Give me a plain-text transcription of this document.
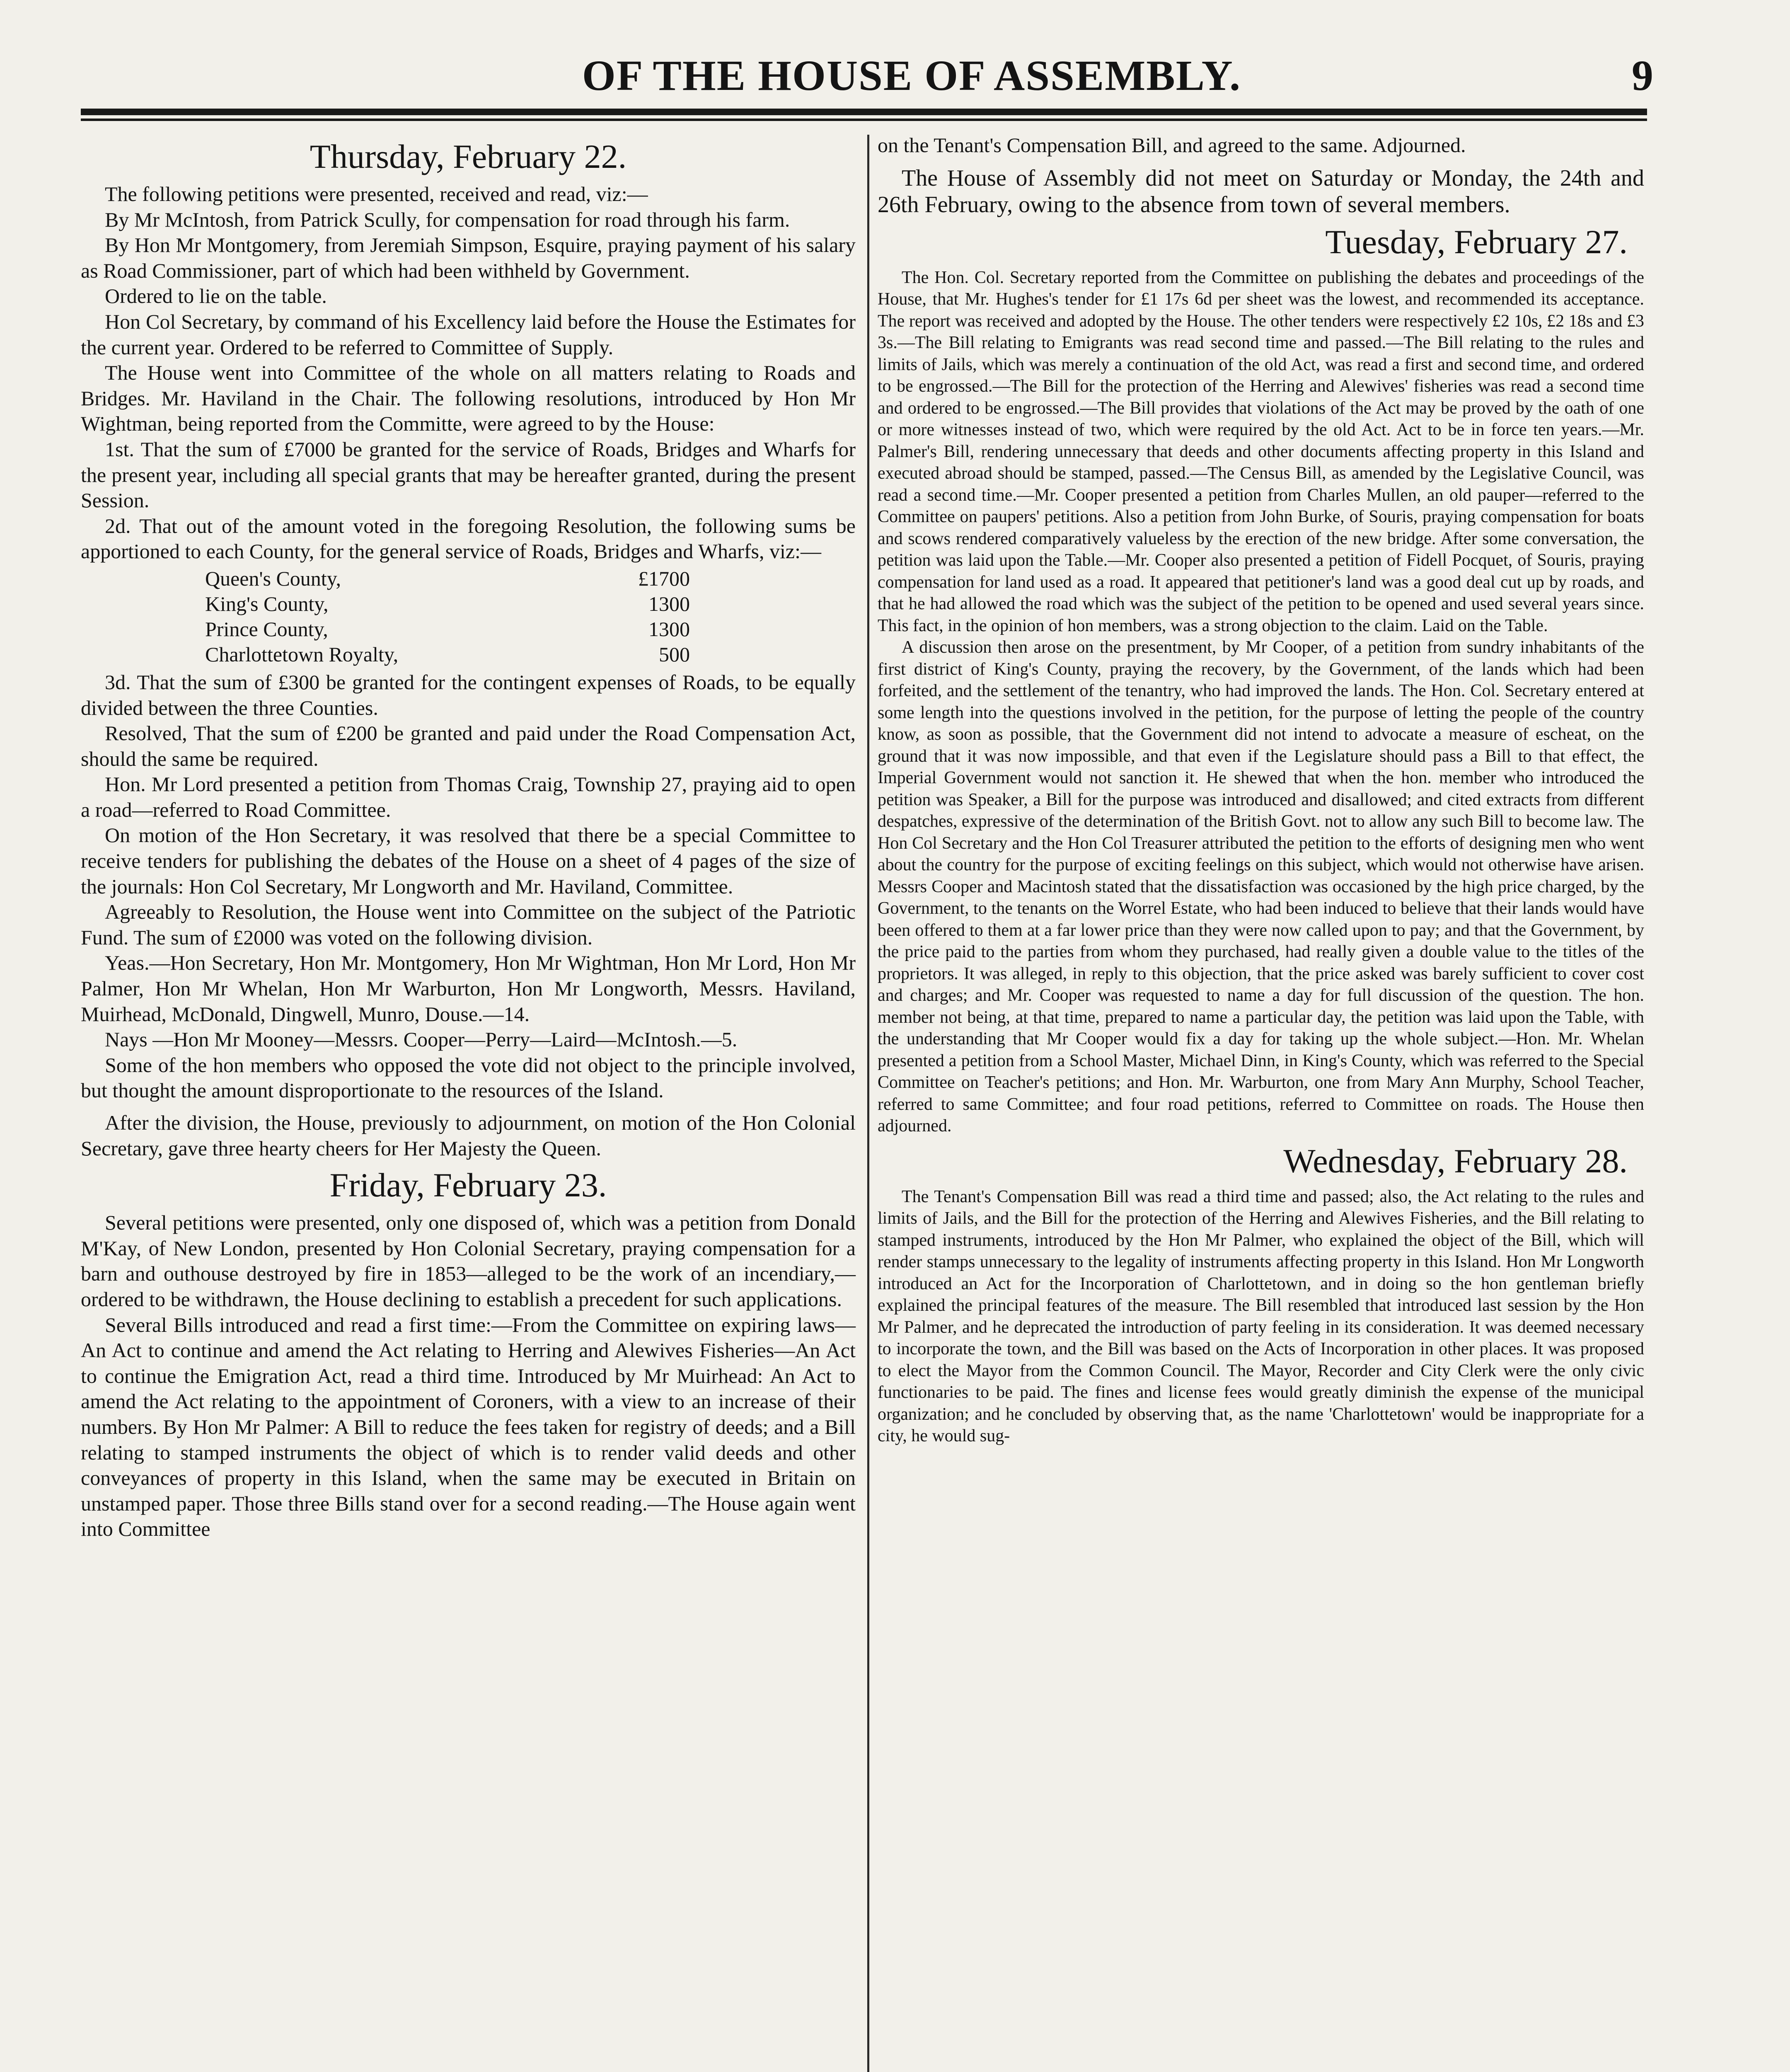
OF THE HOUSE OF ASSEMBLY.	9
Thursday, February 22.

The following petitions were presented, received and read, viz:—

By Mr McIntosh, from Patrick Scully, for compensation for road through his farm.

By Hon Mr Montgomery, from Jeremiah Simpson, Esquire, praying payment of his salary as Road Commissioner, part of which had been withheld by Government.

Ordered to lie on the table.

Hon Col Secretary, by command of his Excellency laid before the House the Estimates for the current year. Ordered to be referred to Committee of Supply.

The House went into Committee of the whole on all matters relating to Roads and Bridges. Mr. Haviland in the Chair. The following resolutions, introduced by Hon Mr Wightman, being reported from the Committe, were agreed to by the House:

1st. That the sum of £7000 be granted for the service of Roads, Bridges and Wharfs for the present year, including all special grants that may be hereafter granted, during the present Session.

2d. That out of the amount voted in the foregoing Resolution, the following sums be apportioned to each County, for the general service of Roads, Bridges and Wharfs, viz:—

Queen's County,	£1700
King's County,	1300
Prince County,	1300
Charlottetown Royalty,	500

3d. That the sum of £300 be granted for the contingent expenses of Roads, to be equally divided between the three Counties.

Resolved, That the sum of £200 be granted and paid under the Road Compensation Act, should the same be required.

Hon. Mr Lord presented a petition from Thomas Craig, Township 27, praying aid to open a road—referred to Road Committee.

On motion of the Hon Secretary, it was resolved that there be a special Committee to receive tenders for publishing the debates of the House on a sheet of 4 pages of the size of the journals: Hon Col Secretary, Mr Longworth and Mr. Haviland, Committee.

Agreeably to Resolution, the House went into Committee on the subject of the Patriotic Fund. The sum of £2000 was voted on the following division.

Yeas.—Hon Secretary, Hon Mr. Montgomery, Hon Mr Wightman, Hon Mr Lord, Hon Mr Palmer, Hon Mr Whelan, Hon Mr Warburton, Hon Mr Longworth, Messrs. Haviland, Muirhead, McDonald, Dingwell, Munro, Douse.—14.

Nays —Hon Mr Mooney—Messrs. Cooper—Perry—Laird—McIntosh.—5.

Some of the hon members who opposed the vote did not object to the principle involved, but thought the amount disproportionate to the resources of the Island.

After the division, the House, previously to adjournment, on motion of the Hon Colonial Secretary, gave three hearty cheers for Her Majesty the Queen.

Friday, February 23.

Several petitions were presented, only one disposed of, which was a petition from Donald M'Kay, of New London, presented by Hon Colonial Secretary, praying compensation for a barn and outhouse destroyed by fire in 1853—alleged to be the work of an incendiary,—ordered to be withdrawn, the House declining to establish a precedent for such applications.

Several Bills introduced and read a first time:—From the Committee on expiring laws—An Act to continue and amend the Act relating to Herring and Alewives Fisheries—An Act to continue the Emigration Act, read a third time. Introduced by Mr Muirhead: An Act to amend the Act relating to the appointment of Coroners, with a view to an increase of their numbers. By Hon Mr Palmer: A Bill to reduce the fees taken for registry of deeds; and a Bill relating to stamped instruments the object of which is to render valid deeds and other conveyances of property in this Island, when the same may be executed in Britain on unstamped paper. Those three Bills stand over for a second reading.—The House again went into Committee

on the Tenant's Compensation Bill, and agreed to the same. Adjourned.

The House of Assembly did not meet on Saturday or Monday, the 24th and 26th February, owing to the absence from town of several members.

Tuesday, February 27.

The Hon. Col. Secretary reported from the Committee on publishing the debates and proceedings of the House, that Mr. Hughes's tender for £1 17s 6d per sheet was the lowest, and recommended its acceptance. The report was received and adopted by the House. The other tenders were respectively £2 10s, £2 18s and £3 3s.—The Bill relating to Emigrants was read second time and passed.—The Bill relating to the rules and limits of Jails, which was merely a continuation of the old Act, was read a first and second time, and ordered to be engrossed.—The Bill for the protection of the Herring and Alewives' fisheries was read a second time and ordered to be engrossed.—The Bill provides that violations of the Act may be proved by the oath of one or more witnesses instead of two, which were required by the old Act. Act to be in force ten years.—Mr. Palmer's Bill, rendering unnecessary that deeds and other documents affecting property in this Island and executed abroad should be stamped, passed.—The Census Bill, as amended by the Legislative Council, was read a second time.—Mr. Cooper presented a petition from Charles Mullen, an old pauper—referred to the Committee on paupers' petitions. Also a petition from John Burke, of Souris, praying compensation for boats and scows rendered comparatively valueless by the erection of the new bridge. After some conversation, the petition was laid upon the Table.—Mr. Cooper also presented a petition of Fidell Pocquet, of Souris, praying compensation for land used as a road. It appeared that petitioner's land was a good deal cut up by roads, and that he had allowed the road which was the subject of the petition to be opened and used several years since. This fact, in the opinion of hon members, was a strong objection to the claim. Laid on the Table.

A discussion then arose on the presentment, by Mr Cooper, of a petition from sundry inhabitants of the first district of King's County, praying the recovery, by the Government, of the lands which had been forfeited, and the settlement of the tenantry, who had improved the lands. The Hon. Col. Secretary entered at some length into the questions involved in the petition, for the purpose of letting the people of the country know, as soon as possible, that the Government did not intend to advocate a measure of escheat, on the ground that it was now impossible, and that even if the Legislature should pass a Bill to that effect, the Imperial Government would not sanction it. He shewed that when the hon. member who introduced the petition was Speaker, a Bill for the purpose was introduced and disallowed; and cited extracts from different despatches, expressive of the determination of the British Govt. not to allow any such Bill to become law. The Hon Col Secretary and the Hon Col Treasurer attributed the petition to the efforts of designing men who went about the country for the purpose of exciting feelings on this subject, which would not otherwise have arisen. Messrs Cooper and Macintosh stated that the dissatisfaction was occasioned by the high price charged, by the Government, to the tenants on the Worrel Estate, who had been induced to believe that their lands would have been offered to them at a far lower price than they were now called upon to pay; and that the Government, by the price paid to the parties from whom they purchased, had really given a double value to the titles of the proprietors. It was alleged, in reply to this objection, that the price asked was barely sufficient to cover cost and charges; and Mr. Cooper was requested to name a day for full discussion of the question. The hon. member not being, at that time, prepared to name a particular day, the petition was laid upon the Table, with the understanding that Mr Cooper would fix a day for taking up the whole subject.—Hon. Mr. Whelan presented a petition from a School Master, Michael Dinn, in King's County, which was referred to the Special Committee on Teacher's petitions; and Hon. Mr. Warburton, one from Mary Ann Murphy, School Teacher, referred to same Committee; and four road petitions, referred to Committee on roads. The House then adjourned.

Wednesday, February 28.

The Tenant's Compensation Bill was read a third time and passed; also, the Act relating to the rules and limits of Jails, and the Bill for the protection of the Herring and Alewives Fisheries, and the Bill relating to stamped instruments, introduced by the Hon Mr Palmer, who explained the object of the Bill, which will render stamps unnecessary to the legality of instruments affecting property in this Island. Hon Mr Longworth introduced an Act for the Incorporation of Charlottetown, and in doing so the hon gentleman briefly explained the principal features of the measure. The Bill resembled that introduced last session by the Hon Mr Palmer, and he deprecated the introduction of party feeling in its consideration. It was deemed necessary to incorporate the town, and the Bill was based on the Acts of Incorporation in other places. It was proposed to elect the Mayor from the Common Council. The Mayor, Recorder and City Clerk were the only civic functionaries to be paid. The fines and license fees would greatly diminish the expense of the municipal organization; and he concluded by observing that, as the name 'Charlottetown' would be inappropriate for a city, he would sug-
